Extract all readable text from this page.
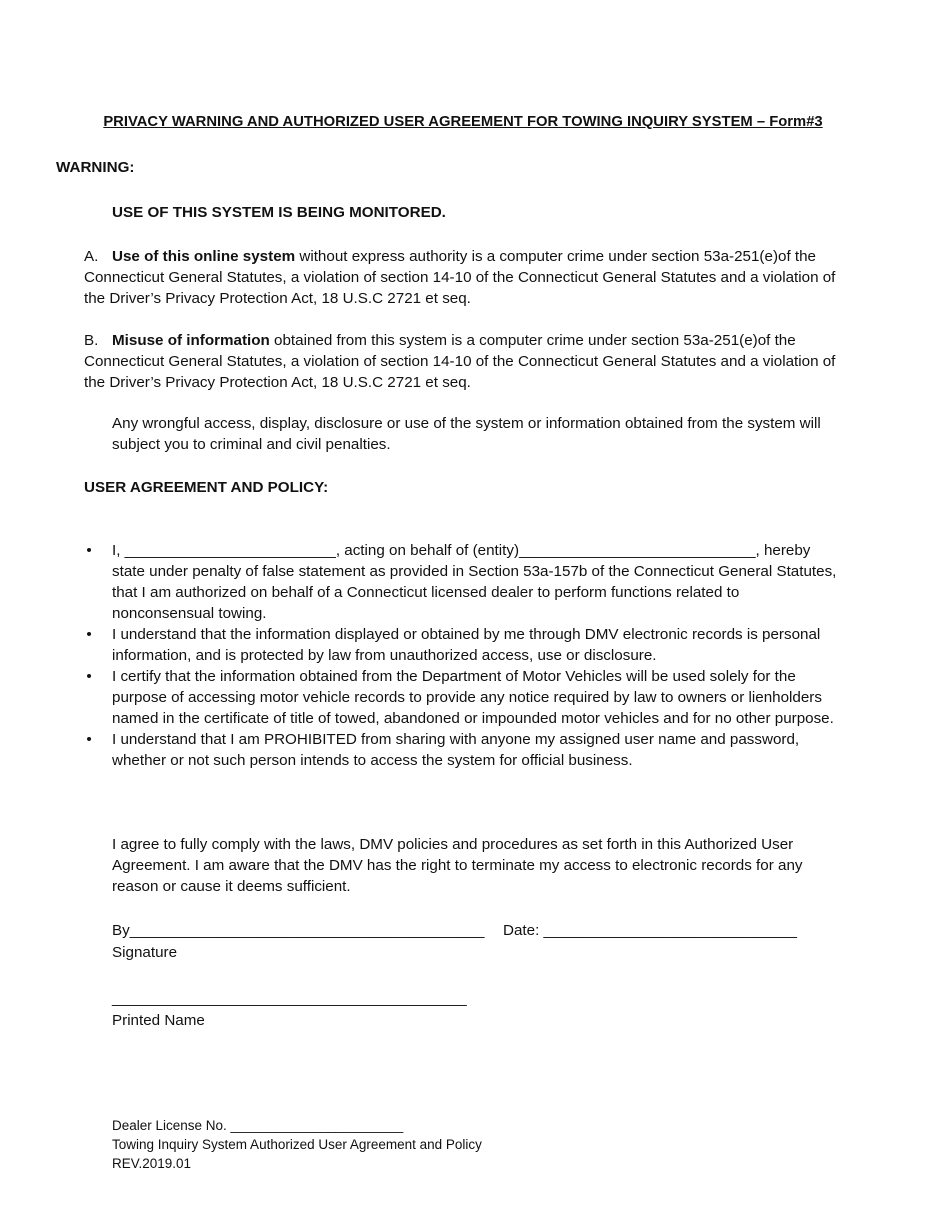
PRIVACY WARNING AND AUTHORIZED USER AGREEMENT FOR TOWING INQUIRY SYSTEM – Form#3
WARNING:
USE OF THIS SYSTEM IS BEING MONITORED.
A. Use of this online system without express authority is a computer crime under section 53a-251(e)of the Connecticut General Statutes, a violation of section 14-10 of the Connecticut General Statutes and a violation of the Driver’s Privacy Protection Act, 18 U.S.C 2721 et seq.
B. Misuse of information obtained from this system is a computer crime under section 53a-251(e)of the Connecticut General Statutes, a violation of section 14-10 of the Connecticut General Statutes and a violation of the Driver’s Privacy Protection Act, 18 U.S.C 2721 et seq.
Any wrongful access, display, disclosure or use of the system or information obtained from the system will subject you to criminal and civil penalties.
USER AGREEMENT AND POLICY:
• I, _________________________, acting on behalf of (entity)____________________________, hereby state under penalty of false statement as provided in Section 53a-157b of the Connecticut General Statutes, that I am authorized on behalf of a Connecticut licensed dealer to perform functions related to nonconsensual towing.
• I understand that the information displayed or obtained by me through DMV electronic records is personal information, and is protected by law from unauthorized access, use or disclosure.
• I certify that the information obtained from the Department of Motor Vehicles will be used solely for the purpose of accessing motor vehicle records to provide any notice required by law to owners or lienholders named in the certificate of title of towed, abandoned or impounded motor vehicles and for no other purpose.
• I understand that I am PROHIBITED from sharing with anyone my assigned user name and password, whether or not such person intends to access the system for official business.
I agree to fully comply with the laws, DMV policies and procedures as set forth in this Authorized User Agreement. I am aware that the DMV has the right to terminate my access to electronic records for any reason or cause it deems sufficient.
By__________________________________________ Date: ______________________________
Signature
__________________________________________
Printed Name
Dealer License No. _______________________
Towing Inquiry System Authorized User Agreement and Policy
REV.2019.01
